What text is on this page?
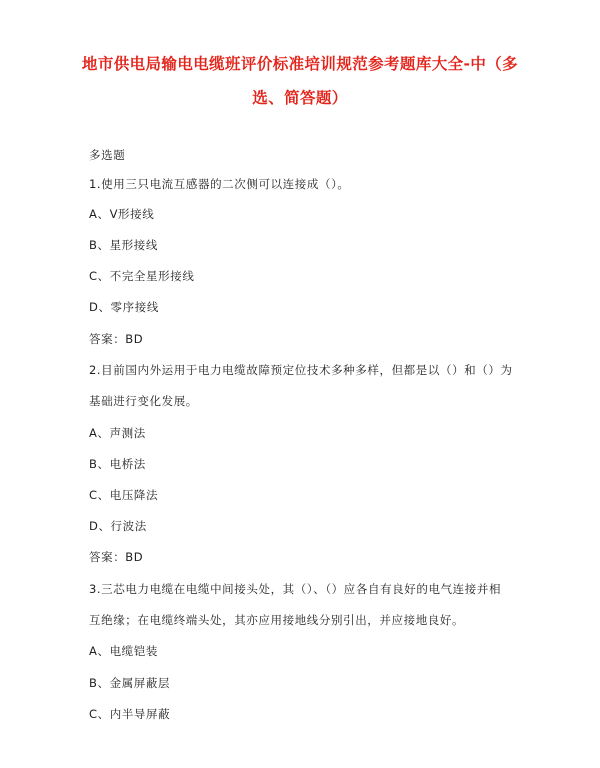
地市供电局输电电缆班评价标准培训规范参考题库大全-中（多
选、简答题）
多选题
1.使用三只电流互感器的二次侧可以连接成（）。
A、V形接线
B、星形接线
C、不完全星形接线
D、零序接线
答案：BD
2.目前国内外运用于电力电缆故障预定位技术多种多样，但都是以（）和（）为
基础进行变化发展。
A、声测法
B、电桥法
C、电压降法
D、行波法
答案：BD
3.三芯电力电缆在电缆中间接头处，其（）、（）应各自有良好的电气连接并相
互绝缘；在电缆终端头处，其亦应用接地线分别引出，并应接地良好。
A、电缆铠装
B、金属屏蔽层
C、内半导屏蔽
